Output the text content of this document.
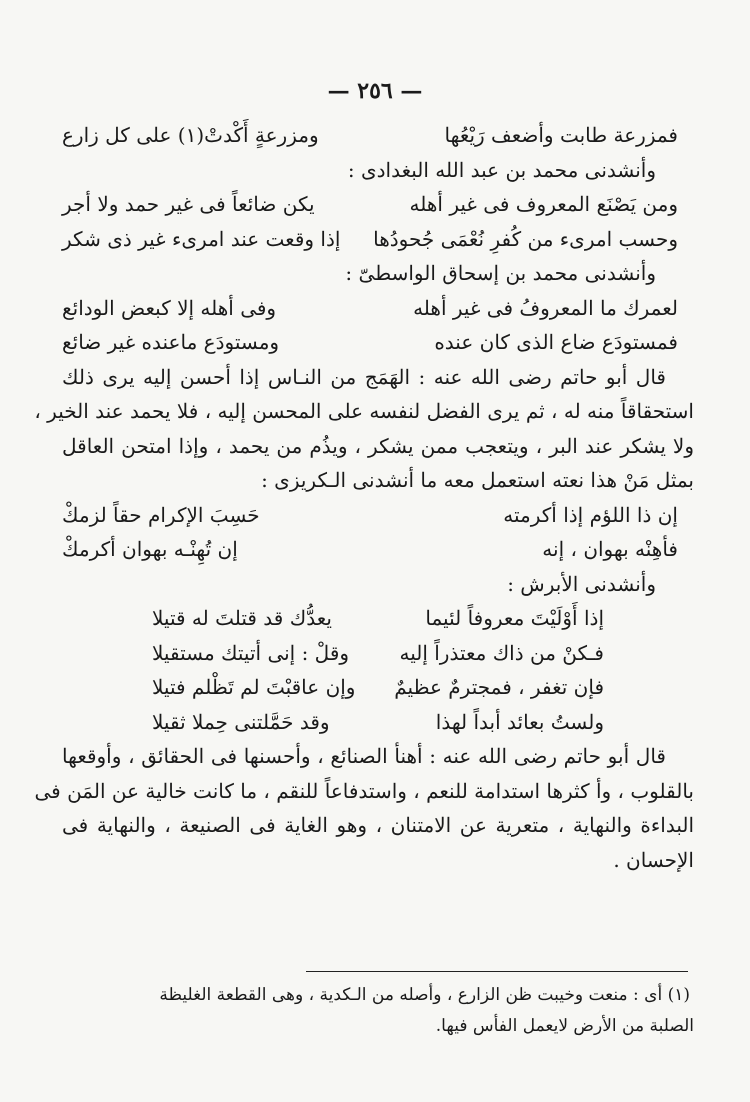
— ٢٥٦ —
فمزرعة طابت وأضعف رَيْعُها
ومزرعةٍ أَكْدتْ(١) على كل زارع
وأنشدنى محمد بن عبد الله البغدادى :
ومن يَصْنَع المعروف فى غير أهله
يكن ضائعاً فى غير حمد ولا أجر
وحسب امرىء من كُفرِ نُعْمَى جُحودُها
إذا وقعت عند امرىء غير ذى شكر
وأنشدنى محمد بن إسحاق الواسطىّ :
لعمرك ما المعروفُ فى غير أهله
وفى أهله إلا كبعض الودائع
فمستودَع ضاع الذى كان عنده
ومستودَع ماعنده غير ضائع
قال أبو حاتم رضى الله عنه : الهَمَج من النـاس إذا أحسن إليه يرى ذلك
استحقاقاً منه له ، ثم يرى الفضل لنفسه على المحسن إليه ، فلا يحمد عند الخير ،
ولا يشكر عند البر ، ويتعجب ممن يشكر ، ويذُم من يحمد ، وإذا امتحن العاقل
بمثل مَنْ هذا نعته استعمل معه ما أنشدنى الـكريزى :
إن ذا اللؤم إذا أكرمته
حَسِبَ الإكرام حقاً لزمكْ
فأهِنْه بهوان ، إنه
إن تُهِنْـه بهوان أكرمكْ
وأنشدنى الأبرش :
إذا أَوْلَيْتَ معروفاً لئيما
يعدُّك قد قتلتَ له قتيلا
فـكنْ من ذاك معتذراً إليه
وقلْ : إنى أتيتك مستقيلا
فإن تغفر ، فمجترمٌ عظيمٌ
وإن عاقبْتَ لم تَظْلم فتيلا
ولستُ بعائد أبداً لهذا
وقد حَمَّلتنى حِملا ثقيلا
قال أبو حاتم رضى الله عنه : أهنأ الصنائع ، وأحسنها فى الحقائق ، وأوقعها
بالقلوب ، وأ كثرها استدامة للنعم ، واستدفاعاً للنقم ، ما كانت خالية عن المَن فى
البداءة والنهاية ، متعرية عن الامتنان ، وهو الغاية فى الصنيعة ، والنهاية فى
الإحسان .
(١) أى : منعت وخيبت ظن الزارع ، وأصله من الـكدية ، وهى القطعة الغليظة
الصلبة من الأرض لايعمل الفأس فيها.
